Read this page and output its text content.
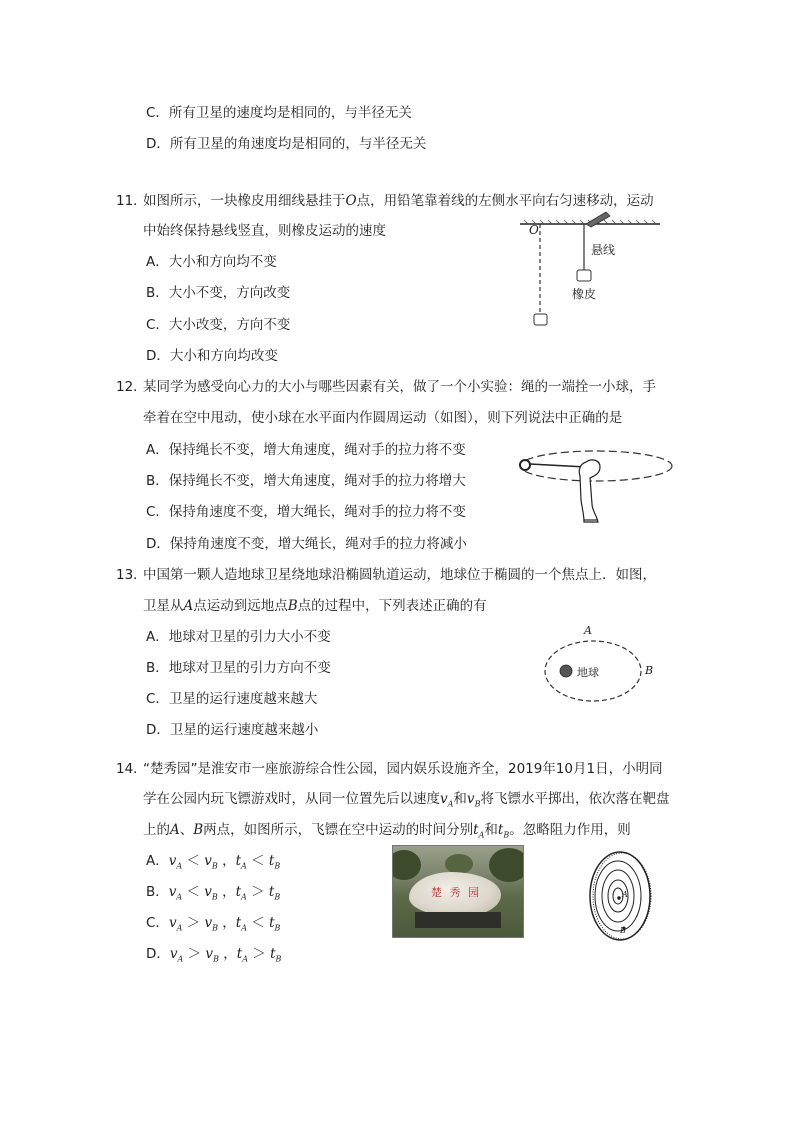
C．所有卫星的速度均是相同的，与半径无关
D．所有卫星的角速度均是相同的，与半径无关
11．
如图所示，一块橡皮用细线悬挂于O点，用铅笔靠着线的左侧水平向右匀速移动，运动
中始终保持悬线竖直，则橡皮运动的速度
A．大小和方向均不变
B．大小不变，方向改变
C．大小改变，方向不变
D．大小和方向均改变
O
悬线
橡皮
12．
某同学为感受向心力的大小与哪些因素有关，做了一个小实验：绳的一端拴一小球，手
牵着在空中甩动，使小球在水平面内作圆周运动（如图），则下列说法中正确的是
A．保持绳长不变，增大角速度，绳对手的拉力将不变
B．保持绳长不变，增大角速度，绳对手的拉力将增大
C．保持角速度不变，增大绳长，绳对手的拉力将不变
D．保持角速度不变，增大绳长，绳对手的拉力将减小
13．
中国第一颗人造地球卫星绕地球沿椭圆轨道运动，地球位于椭圆的一个焦点上．如图，
卫星从A点运动到远地点B点的过程中，下列表述正确的有
A．地球对卫星的引力大小不变
B．地球对卫星的引力方向不变
C．卫星的运行速度越来越大
D．卫星的运行速度越来越小
A
B
地球
14．
“楚秀园”是淮安市一座旅游综合性公园，园内娱乐设施齐全，2019年10月1日，小明同
学在公园内玩飞镖游戏时，从同一位置先后以速度$v_A$和$v_B$将飞镖水平掷出，依次落在靶盘
上的A、B两点，如图所示，飞镖在空中运动的时间分别$t_A$和$t_B$。忽略阻力作用，则
A．$v_A < v_B$ ，$t_A < t_B$
B．$v_A < v_B$ ，$t_A > t_B$
C．$v_A > v_B$ ，$t_A < t_B$
D．$v_A > v_B$ ，$t_A > t_B$
楚 秀 园	A
B
